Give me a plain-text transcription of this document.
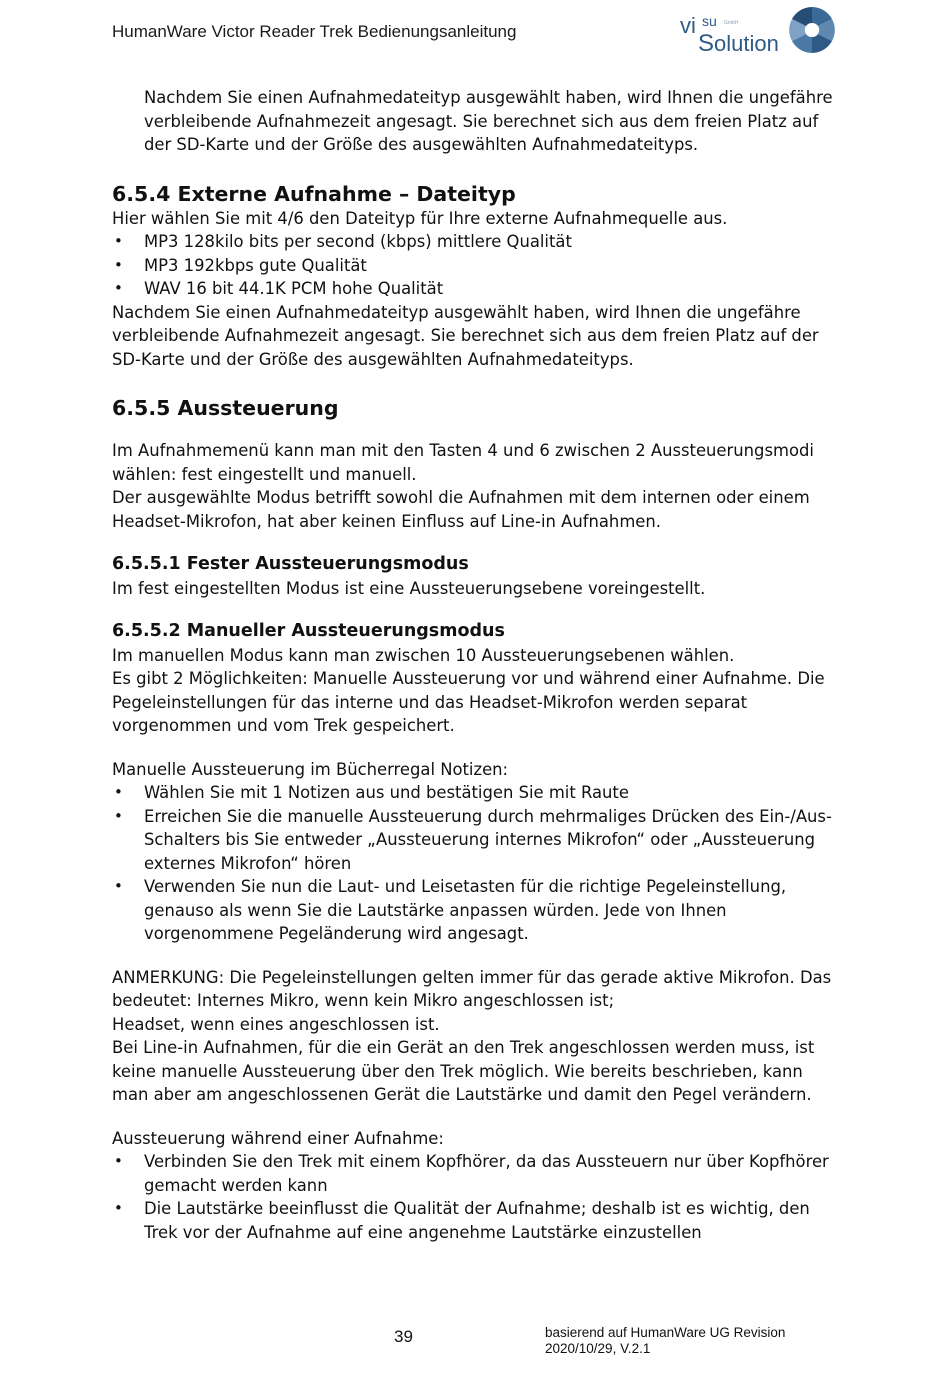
HumanWare Victor Reader Trek Bedienungsanleitung	vi su GmbH
S olution

Nachdem Sie einen Aufnahmedateityp ausgewählt haben, wird Ihnen die ungefähre verbleibende Aufnahmezeit angesagt. Sie berechnet sich aus dem freien Platz auf der SD-Karte und der Größe des ausgewählten Aufnahmedateityps.

6.5.4 Externe Aufnahme – Dateityp

Hier wählen Sie mit 4/6 den Dateityp für Ihre externe Aufnahmequelle aus.

• MP3 128kilo bits per second (kbps) mittlere Qualität
• MP3 192kbps gute Qualität
• WAV 16 bit 44.1K PCM hohe Qualität

Nachdem Sie einen Aufnahmedateityp ausgewählt haben, wird Ihnen die ungefähre verbleibende Aufnahmezeit angesagt. Sie berechnet sich aus dem freien Platz auf der SD-Karte und der Größe des ausgewählten Aufnahmedateityps.

6.5.5 Aussteuerung

Im Aufnahmemenü kann man mit den Tasten 4 und 6 zwischen 2 Aussteuerungsmodi wählen: fest eingestellt und manuell.

Der ausgewählte Modus betrifft sowohl die Aufnahmen mit dem internen oder einem Headset-Mikrofon, hat aber keinen Einfluss auf Line-in Aufnahmen.

6.5.5.1 Fester Aussteuerungsmodus

Im fest eingestellten Modus ist eine Aussteuerungsebene voreingestellt.

6.5.5.2 Manueller Aussteuerungsmodus

Im manuellen Modus kann man zwischen 10 Aussteuerungsebenen wählen.

Es gibt 2 Möglichkeiten: Manuelle Aussteuerung vor und während einer Aufnahme. Die Pegeleinstellungen für das interne und das Headset-Mikrofon werden separat vorgenommen und vom Trek gespeichert.

Manuelle Aussteuerung im Bücherregal Notizen:

• Wählen Sie mit 1 Notizen aus und bestätigen Sie mit Raute
• Erreichen Sie die manuelle Aussteuerung durch mehrmaliges Drücken des Ein-/Aus-Schalters bis Sie entweder „Aussteuerung internes Mikrofon“ oder „Aussteuerung externes Mikrofon“ hören
• Verwenden Sie nun die Laut- und Leisetasten für die richtige Pegeleinstellung, genauso als wenn Sie die Lautstärke anpassen würden. Jede von Ihnen vorgenommene Pegeländerung wird angesagt.

ANMERKUNG: Die Pegeleinstellungen gelten immer für das gerade aktive Mikrofon. Das bedeutet: Internes Mikro, wenn kein Mikro angeschlossen ist;

Headset, wenn eines angeschlossen ist.

Bei Line-in Aufnahmen, für die ein Gerät an den Trek angeschlossen werden muss, ist keine manuelle Aussteuerung über den Trek möglich. Wie bereits beschrieben, kann man aber am angeschlossenen Gerät die Lautstärke und damit den Pegel verändern.

Aussteuerung während einer Aufnahme:

• Verbinden Sie den Trek mit einem Kopfhörer, da das Aussteuern nur über Kopfhörer gemacht werden kann
• Die Lautstärke beeinflusst die Qualität der Aufnahme; deshalb ist es wichtig, den Trek vor der Aufnahme auf eine angenehme Lautstärke einzustellen
39	basierend auf HumanWare UG Revision
2020/10/29, V.2.1
